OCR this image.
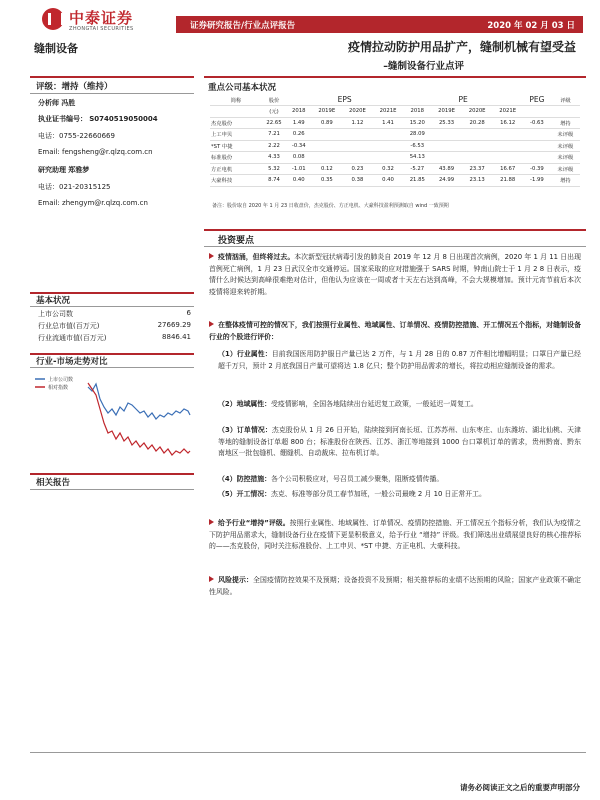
中泰证券
ZHONGTAI SECURITIES	证券研究报告/行业点评报告	2020 年 02 月 03 日
缝制设备	疫情拉动防护用品扩产，缝制机械有望受益
–缝制设备行业点评
评级：增持（维持）
分析师 冯胜
执业证书编号： S0740519050004
电话：0755-22660669
Email: fengsheng@r.qlzq.com.cn
研究助理 郑雅梦
电话：021-20315125
Email: zhengym@r.qlzq.com.cn
基本状况
上市公司数	6
行业总市值(百万元)	27669.29
行业流通市值(百万元)	8846.41
行业-市场走势对比
上市公司数
相对指数
相关报告
重点公司基本状况
简称	股价	EPS				PE				PEG	评级
	(元)	2018	2019E	2020E	2021E	2018	2019E	2020E	2021E		
杰克股份	22.65	1.49	0.89	1.12	1.41	15.20	25.33	20.28	16.12	-0.63	增持
上工申贝	7.21	0.26				28.09					未评级
*ST 中捷	2.22	-0.34				-6.53					未评级
标准股份	4.33	0.08				54.13					未评级
方正电机	5.32	-1.01	0.12	0.23	0.32	-5.27	43.89	23.37	16.67	-0.39	未评级
大豪科技	8.74	0.40	0.35	0.38	0.40	21.85	24.99	23.13	21.88	-1.99	增持
备注：股价取自 2020 年 1 月 23 日收盘价，杰克股份、方正电机、大豪科技盈利预测取自 wind 一致预期
投资要点
疫情汹涌，但终将过去。本次新型冠状病毒引发的肺炎自 2019 年 12 月 8 日出现首次病例，2020 年 1 月 11 日出现首例死亡病例，1 月 23 日武汉全市交通停运。国家采取的应对措施强于 SARS 时期，钟南山院士于 1 月 2 8 日表示，疫情什么时候达到高峰很难绝对估计，但他认为应该在一周或者十天左右达到高峰，不会大规模增加。预计元宵节前后本次疫情将迎来转折期。
在整体疫情可控的情况下，我们按照行业属性、地域属性、订单情况、疫情防控措施、开工情况五个指标，对缝制设备行业的个股进行评价：
（1）行业属性：目前我国医用防护服日产量已达 2 万件，与 1 月 28 日的 0.87 万件相比增幅明显；口罩日产量已经超千万只，预计 2 月底我国日产量可望将达 1.8 亿只；整个防护用品需求的增长，将拉动相应缝制设备的需求。
（2）地域属性：受疫情影响，全国各地陆续出台延迟复工政策，一般延迟一周复工。
（3）订单情况：杰克股份从 1 月 26 日开始，陆续接到河南长垣、江苏苏州、山东枣庄、山东潍坊、湖北仙桃、天津等地的缝制设备订单超 800 台；标准股份在陕西、江苏、浙江等地接到 1000 台口罩机订单的需求，贵州黔南、黔东南地区一批包缝机、绷缝机、自动裁床、拉布机订单。
（4）防控措施：各个公司积极应对，号召员工减少聚集，阻断疫情传播。
（5）开工情况：杰克、标准等部分员工春节加班，一般公司最晚 2 月 10 日正常开工。
给予行业“增持”评级。按照行业属性、地域属性、订单情况、疫情防控措施、开工情况五个指标分析，我们认为疫情之下防护用品需求大，缝制设备行业在疫情下更显积极意义，给予行业 “增持” 评级。我们筛选出业绩展望良好的核心推荐标的——杰克股份，同时关注标准股份、上工申贝、*ST 中捷、方正电机、大豪科技。
风险提示：全国疫情防控效果不及预期；设备投资不及预期；相关推荐标的业绩不达预期的风险；国家产业政策不确定性风险。
请务必阅读正文之后的重要声明部分
